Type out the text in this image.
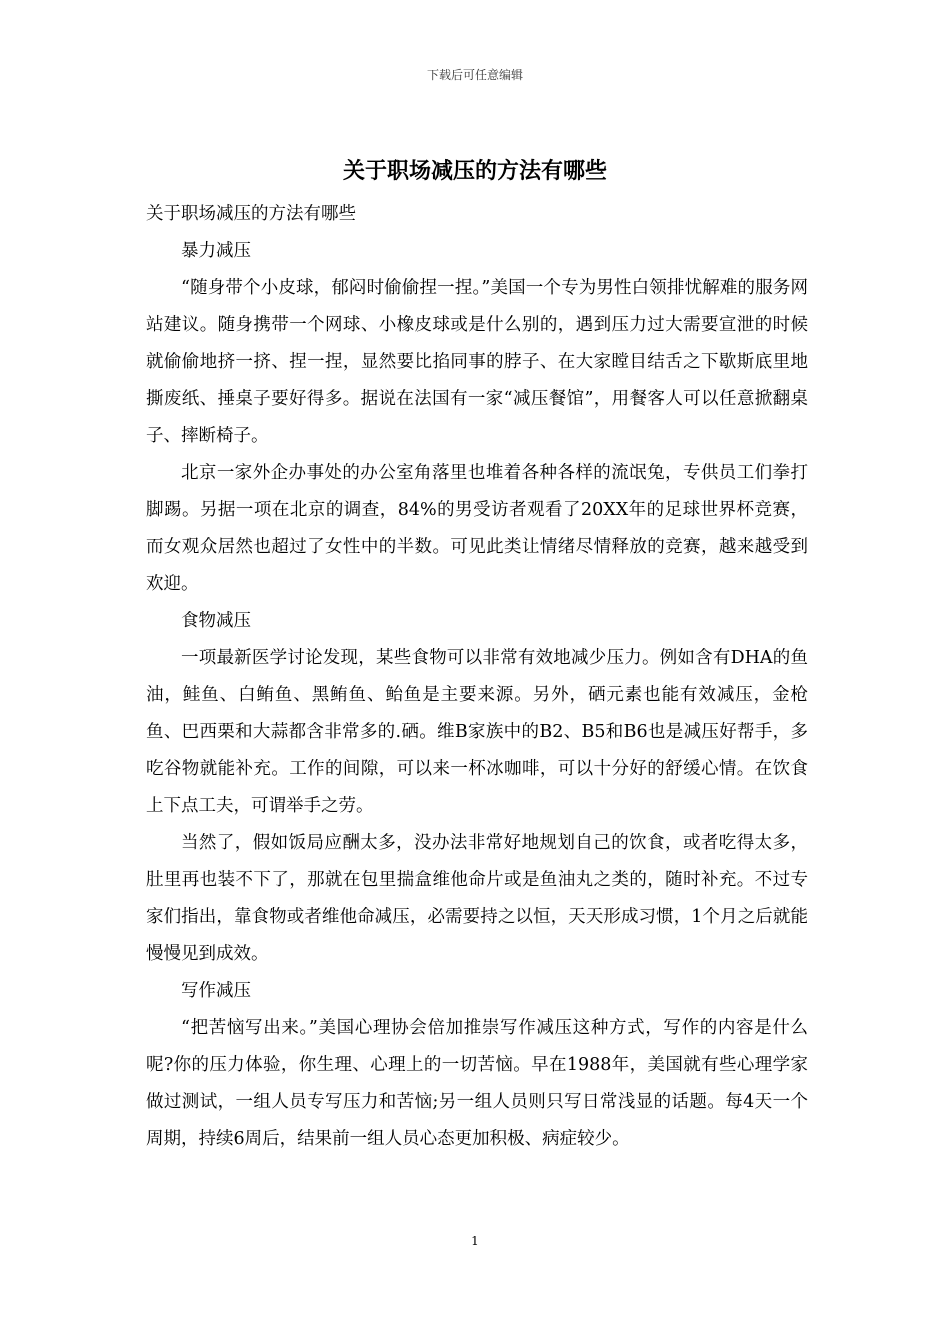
下载后可任意编辑
关于职场减压的方法有哪些

关于职场减压的方法有哪些

暴力减压

“随身带个小皮球，郁闷时偷偷捏一捏。”美国一个专为男性白领排忧解难的服务网站建议。随身携带一个网球、小橡皮球或是什么别的，遇到压力过大需要宣泄的时候就偷偷地挤一挤、捏一捏，显然要比掐同事的脖子、在大家瞠目结舌之下歇斯底里地撕废纸、捶桌子要好得多。据说在法国有一家“减压餐馆”，用餐客人可以任意掀翻桌子、摔断椅子。

北京一家外企办事处的办公室角落里也堆着各种各样的流氓兔，专供员工们拳打脚踢。另据一项在北京的调查，84%的男受访者观看了20XX年的足球世界杯竞赛，而女观众居然也超过了女性中的半数。可见此类让情绪尽情释放的竞赛，越来越受到欢迎。

食物减压

一项最新医学讨论发现，某些食物可以非常有效地减少压力。例如含有DHA的鱼油，鲑鱼、白鲔鱼、黑鲔鱼、鲐鱼是主要来源。另外，硒元素也能有效减压，金枪鱼、巴西栗和大蒜都含非常多的.硒。维B家族中的B2、B5和B6也是减压好帮手，多吃谷物就能补充。工作的间隙，可以来一杯冰咖啡，可以十分好的舒缓心情。在饮食上下点工夫，可谓举手之劳。

当然了，假如饭局应酬太多，没办法非常好地规划自己的饮食，或者吃得太多，肚里再也装不下了，那就在包里揣盒维他命片或是鱼油丸之类的，随时补充。不过专家们指出，靠食物或者维他命减压，必需要持之以恒，天天形成习惯，1个月之后就能慢慢见到成效。

写作减压

“把苦恼写出来。”美国心理协会倍加推崇写作减压这种方式，写作的内容是什么呢?你的压力体验，你生理、心理上的一切苦恼。早在1988年，美国就有些心理学家做过测试，一组人员专写压力和苦恼;另一组人员则只写日常浅显的话题。每4天一个周期，持续6周后，结果前一组人员心态更加积极、病症较少。

1
